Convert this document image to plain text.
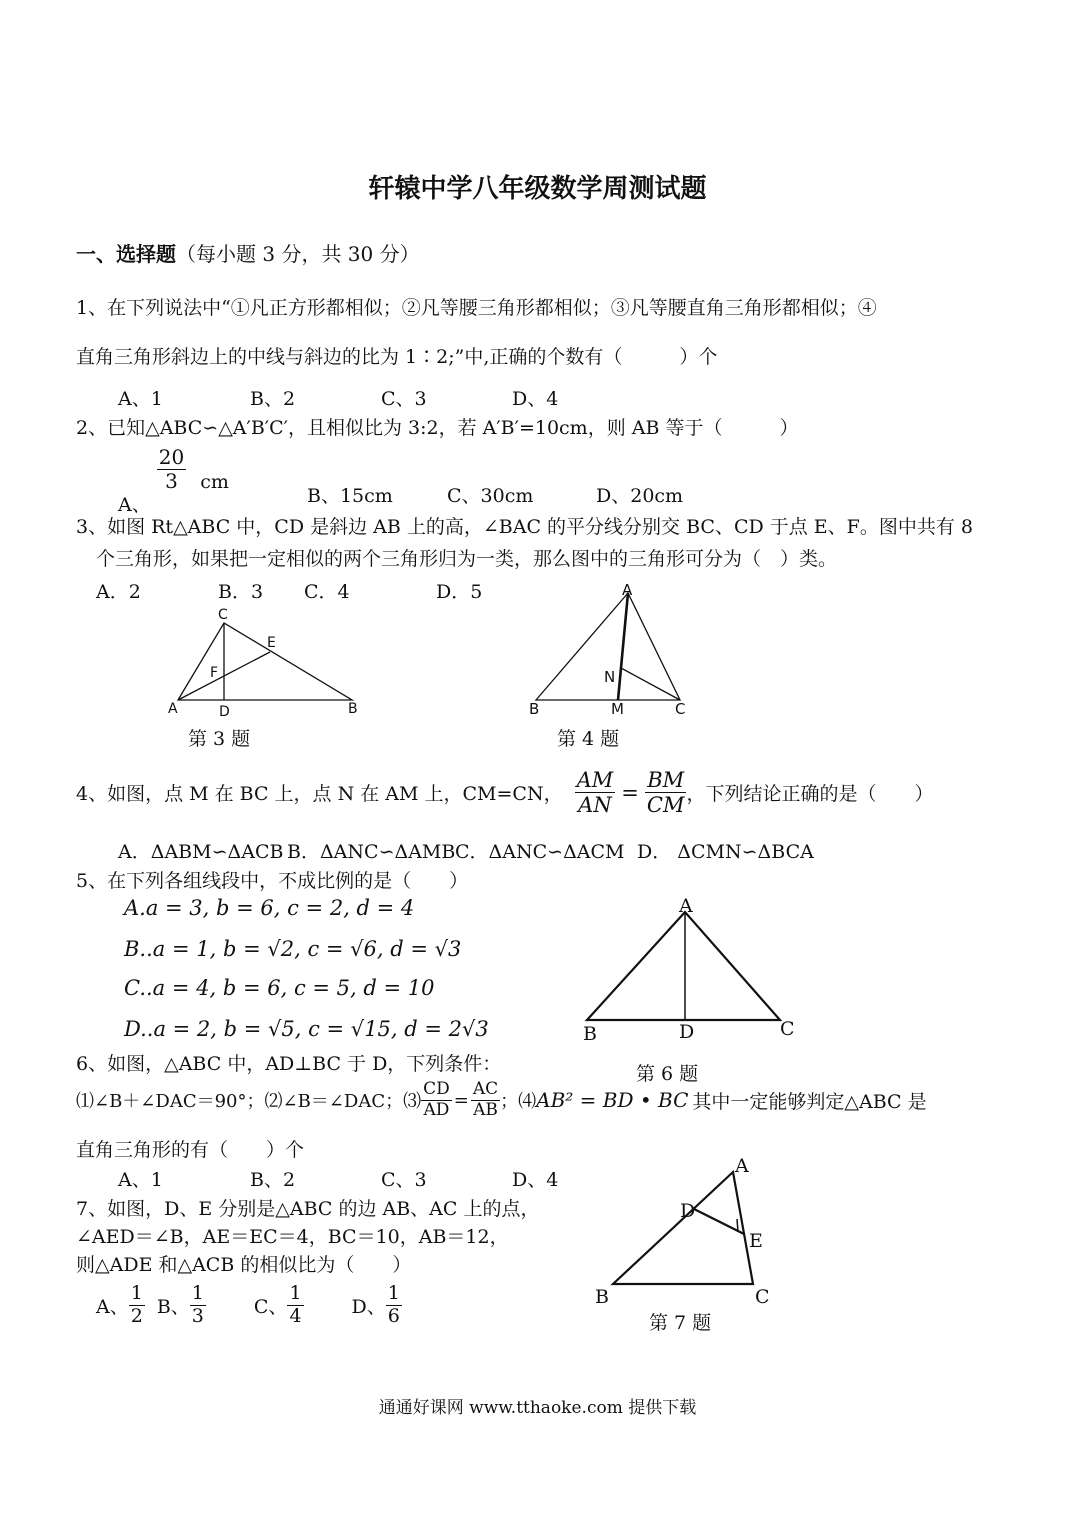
轩辕中学八年级数学周测试题
一、选择题（每小题 3 分，共 30 分）
1、在下列说法中“①凡正方形都相似；②凡等腰三角形都相似；③凡等腰直角三角形都相似；④
直角三角形斜边上的中线与斜边的比为 1∶2;”中,正确的个数有（　　　）个
A、1	B、2	C、3	D、4
2、已知△ABC∽△A′B′C′，且相似比为 3:2，若 A′B′=10cm，则 AB 等于（　　　）
A、
$\frac{20}{3}$ cm
B、15cm	C、30cm	D、20cm
3、如图 Rt△ABC 中，CD 是斜边 AB 上的高，∠BAC 的平分线分别交 BC、CD 于点 E、F。图中共有 8
个三角形，如果把一定相似的两个三角形归为一类，那么图中的三角形可分为（　）类。
A．2	B．3 C．4	D．5
C
E
F
A	D	B
第 3 题
A
N
B	M	C
第 4 题
4、如图，点 M 在 BC 上，点 N 在 AM 上，CM=CN， $\frac{AM}{AN} = \frac{BM}{CM}$ ，下列结论正确的是（　　）
A．ΔABM∽ΔACB B．ΔANC∽ΔAMB C．ΔANC∽ΔACM D． ΔCMN∽ΔBCA
5、在下列各组线段中，不成比例的是（　　）
A.a = 3, b = 6, c = 2, d = 4
B..a = 1, b = √2, c = √6, d = √3
C..a = 4, b = 6, c = 5, d = 10
D..a = 2, b = √5, c = √15, d = 2√3
A
B	D	C
第 6 题
6、如图，△ABC 中，AD⊥BC 于 D，下列条件：
⑴∠B＋∠DAC＝90°；⑵∠B＝∠DAC；⑶ $\frac{CD}{AD} = \frac{AC}{AB}$ ；⑷ AB² = BD • BC 其中一定能够判定△ABC 是
直角三角形的有（　　）个
A、1	B、2	C、3	D、4
7、如图，D、E 分别是△ABC 的边 AB、AC 上的点，
∠AED＝∠B，AE＝EC＝4，BC＝10，AB＝12，
则△ADE 和△ACB 的相似比为（　　）
A、 $\frac{1}{2}$ B、 $\frac{1}{3}$	C、 $\frac{1}{4}$	D、 $\frac{1}{6}$
A
D
E
B	C
第 7 题
通通好课网 www.tthaoke.com 提供下载
